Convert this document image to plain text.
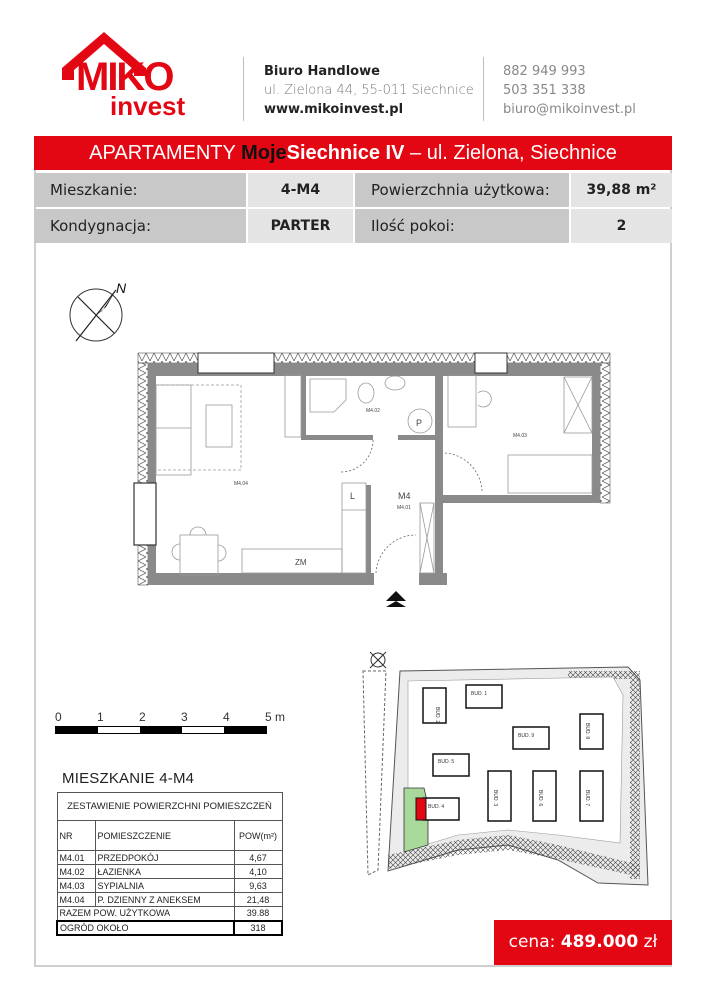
MIKO
invest
Biuro Handlowe
ul. Zielona 44, 55-011 Siechnice
www.mikoinvest.pl
882 949 993
503 351 338
biuro@mikoinvest.pl
APARTAMENTY MojeSiechnice IV – ul. Zielona, Siechnice
Mieszkanie:	4-M4	Powierzchnia użytkowa:	39,88 m²
Kondygnacja:	PARTER	Ilość pokoi:	2
N
M4.04
M4.02
M4.03
M4.01
M4
L
P
ZM
0	1	2	3	4	5 m
MIESZKANIE 4-M4
ZESTAWIENIE POWIERZCHNI POMIESZCZEŃ		
NR	POMIESZCZENIE	POW(m²)
M4.01	PRZEDPOKÓJ	4,67
M4.02	ŁAZIENKA	4,10
M4.03	SYPIALNIA	9,63
M4.04	P. DZIENNY Z ANEKSEM	21,48
RAZEM POW. UŻYTKOWA		39.88
OGRÓD OKOŁO		318
BUD. 1
BUD. 2
BUD. 3
BUD. 4
BUD. 5
BUD. 6	BUD. 7
BUD. 8
BUD. 9
cena: 489.000 zł
